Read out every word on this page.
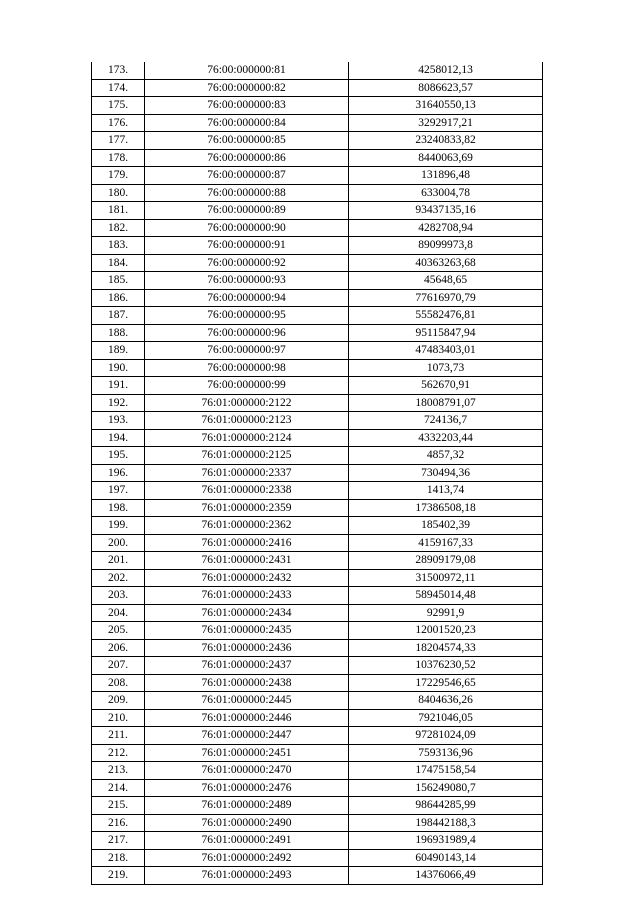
173.	76:00:000000:81	4258012,13
174.	76:00:000000:82	8086623,57
175.	76:00:000000:83	31640550,13
176.	76:00:000000:84	3292917,21
177.	76:00:000000:85	23240833,82
178.	76:00:000000:86	8440063,69
179.	76:00:000000:87	131896,48
180.	76:00:000000:88	633004,78
181.	76:00:000000:89	93437135,16
182.	76:00:000000:90	4282708,94
183.	76:00:000000:91	89099973,8
184.	76:00:000000:92	40363263,68
185.	76:00:000000:93	45648,65
186.	76:00:000000:94	77616970,79
187.	76:00:000000:95	55582476,81
188.	76:00:000000:96	95115847,94
189.	76:00:000000:97	47483403,01
190.	76:00:000000:98	1073,73
191.	76:00:000000:99	562670,91
192.	76:01:000000:2122	18008791,07
193.	76:01:000000:2123	724136,7
194.	76:01:000000:2124	4332203,44
195.	76:01:000000:2125	4857,32
196.	76:01:000000:2337	730494,36
197.	76:01:000000:2338	1413,74
198.	76:01:000000:2359	17386508,18
199.	76:01:000000:2362	185402,39
200.	76:01:000000:2416	4159167,33
201.	76:01:000000:2431	28909179,08
202.	76:01:000000:2432	31500972,11
203.	76:01:000000:2433	58945014,48
204.	76:01:000000:2434	92991,9
205.	76:01:000000:2435	12001520,23
206.	76:01:000000:2436	18204574,33
207.	76:01:000000:2437	10376230,52
208.	76:01:000000:2438	17229546,65
209.	76:01:000000:2445	8404636,26
210.	76:01:000000:2446	7921046,05
211.	76:01:000000:2447	97281024,09
212.	76:01:000000:2451	7593136,96
213.	76:01:000000:2470	17475158,54
214.	76:01:000000:2476	156249080,7
215.	76:01:000000:2489	98644285,99
216.	76:01:000000:2490	198442188,3
217.	76:01:000000:2491	196931989,4
218.	76:01:000000:2492	60490143,14
219.	76:01:000000:2493	14376066,49
